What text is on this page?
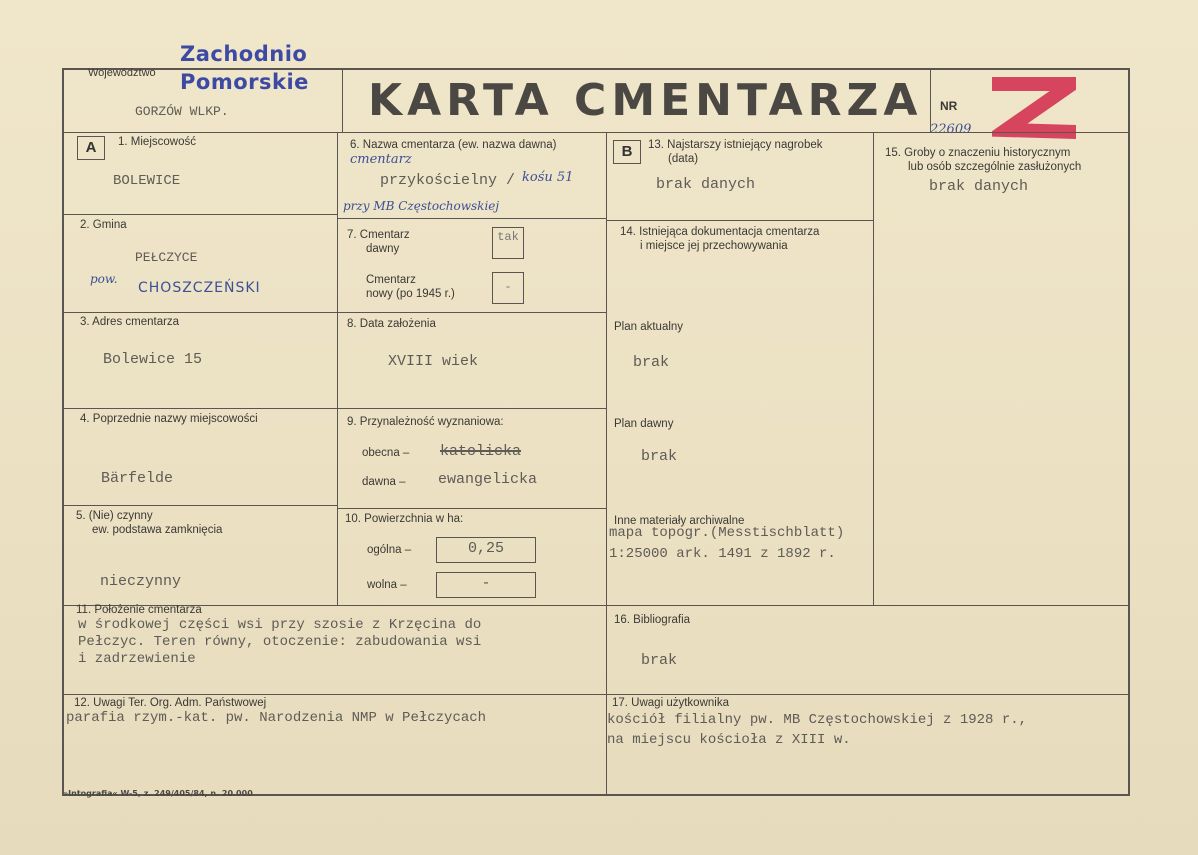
Województwo
Zachodnio
Pomorskie
GORZÓW WLKP.	KARTA CMENTARZA NR
22609
A	B
1. Miejscowość
BOLEWICE
2. Gmina
PEŁCZYCE
pow.
CHOSZCZEŃSKI
3. Adres cmentarza
Bolewice 15
4. Poprzednie nazwy miejscowości
Bärfelde
5. (Nie) czynny
ew. podstawa zamknięcia
nieczynny
6. Nazwa cmentarza (ew. nazwa dawna)
cmentarz
przykościelny / kośu 51
przy MB Częstochowskiej
7. Cmentarz
dawny
tak
Cmentarz
nowy (po 1945 r.)	-
8. Data założenia
XVIII wiek
9. Przynależność wyznaniowa:
obecna – katolicka
dawna – ewangelicka
10. Powierzchnia w ha:
ogólna –	0,25
wolna –	-
11. Położenie cmentarza
w środkowej części wsi przy szosie z Krzęcina do
Pełczyc. Teren równy, otoczenie: zabudowania wsi
i zadrzewienie
12. Uwagi Ter. Org. Adm. Państwowej
parafia rzym.-kat. pw. Narodzenia NMP w Pełczycach
13. Najstarszy istniejący nagrobek
(data)
brak danych
14. Istniejąca dokumentacja cmentarza
i miejsce jej przechowywania
Plan aktualny
brak
Plan dawny
brak
Inne materiały archiwalne
mapa topogr.(Messtischblatt)
1:25000 ark. 1491 z 1892 r.
15. Groby o znaczeniu historycznym
lub osób szczególnie zasłużonych
brak danych
16. Bibliografia
brak
17. Uwagi użytkownika
kościół filialny pw. MB Częstochowskiej z 1928 r.,
na miejscu kościoła z XIII w.
»Intografia« W-5, z. 249/405/84, n. 20.000
